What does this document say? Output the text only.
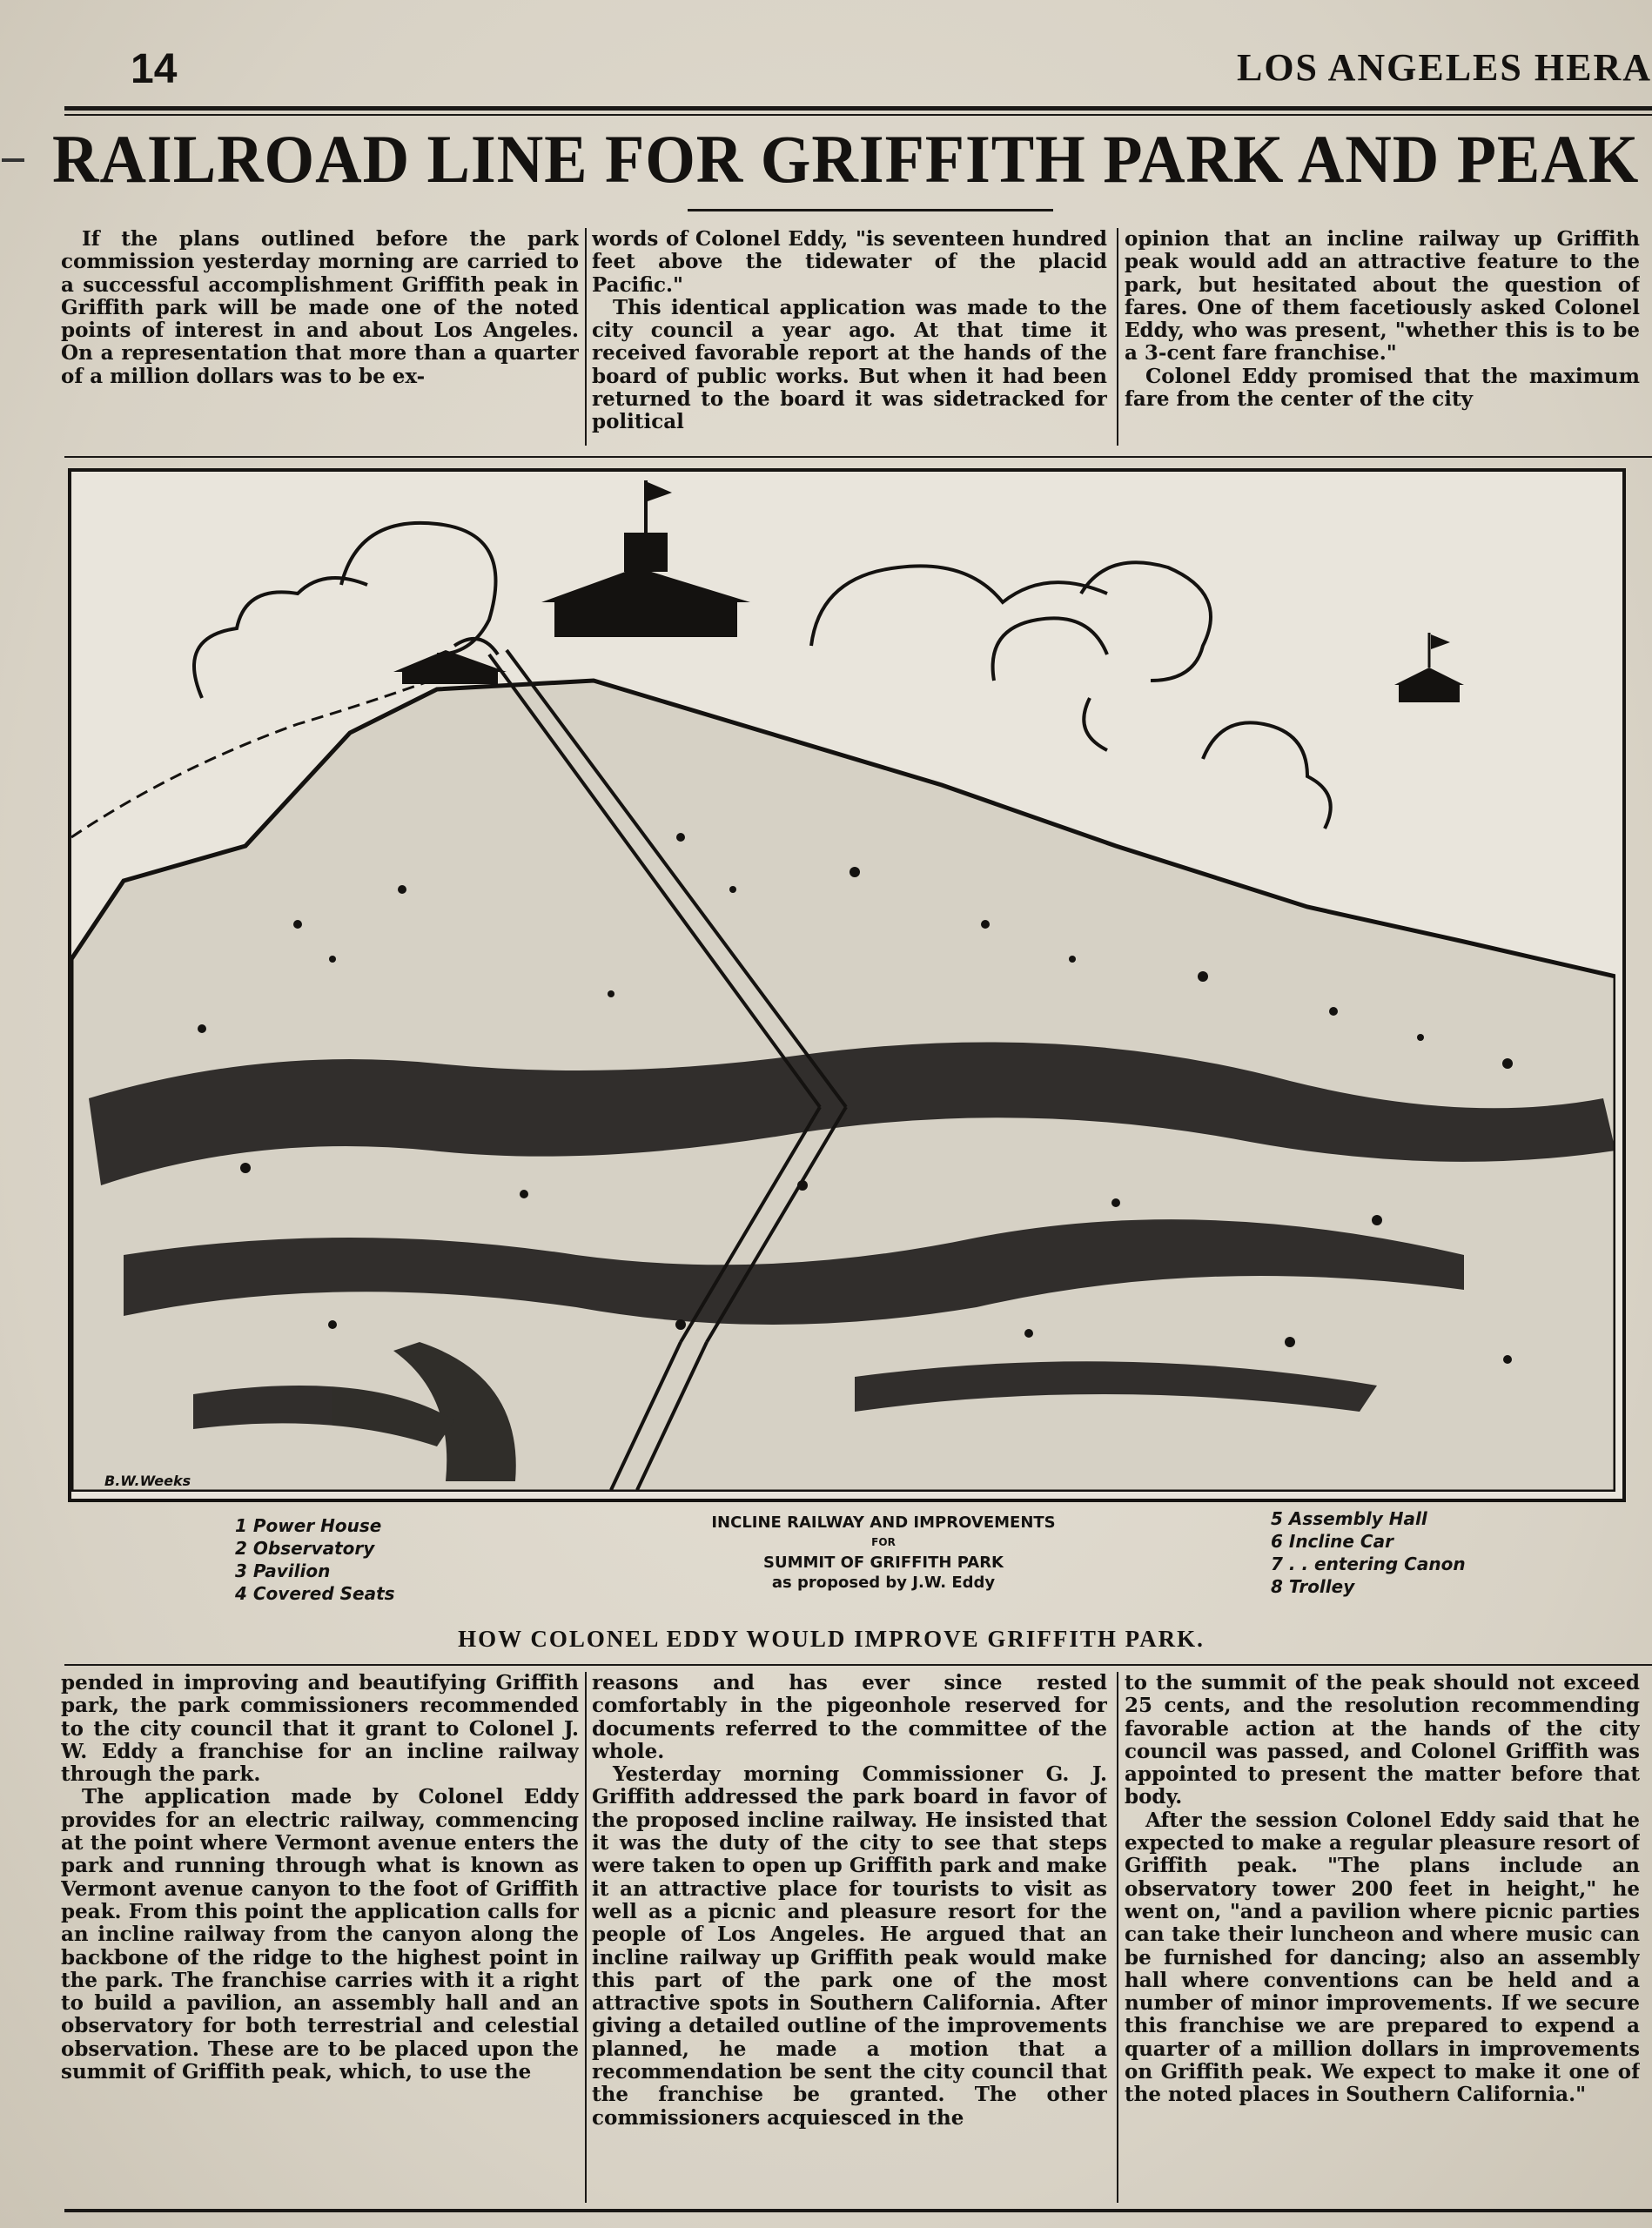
14	LOS ANGELES HERA
RAILROAD LINE FOR GRIFFITH PARK AND PEAK

If the plans outlined before the park commission yesterday morning are carried to a successful accomplishment Griffith peak in Griffith park will be made one of the noted points of interest in and about Los Angeles. On a representation that more than a quarter of a million dollars was to be ex-

words of Colonel Eddy, "is seventeen hundred feet above the tidewater of the placid Pacific."

This identical application was made to the city council a year ago. At that time it received favorable report at the hands of the board of public works. But when it had been returned to the board it was sidetracked for political

opinion that an incline railway up Griffith peak would add an attractive feature to the park, but hesitated about the question of fares. One of them facetiously asked Colonel Eddy, who was present, "whether this is to be a 3-cent fare franchise."

Colonel Eddy promised that the maximum fare from the center of the city

1 Power House
2 Observatory
3 Pavilion
4 Covered Seats
INCLINE RAILWAY AND IMPROVEMENTS
FOR
SUMMIT OF GRIFFITH PARK
as proposed by J.W. Eddy
5 Assembly Hall
6 Incline Car
7 . . entering Canon
8 Trolley
B.W.Weeks
HOW COLONEL EDDY WOULD IMPROVE GRIFFITH PARK.

pended in improving and beautifying Griffith park, the park commissioners recommended to the city council that it grant to Colonel J. W. Eddy a franchise for an incline railway through the park.

The application made by Colonel Eddy provides for an electric railway, commencing at the point where Vermont avenue enters the park and running through what is known as Vermont avenue canyon to the foot of Griffith peak. From this point the application calls for an incline railway from the canyon along the backbone of the ridge to the highest point in the park. The franchise carries with it a right to build a pavilion, an assembly hall and an observatory for both terrestrial and celestial observation. These are to be placed upon the summit of Griffith peak, which, to use the

reasons and has ever since rested comfortably in the pigeonhole reserved for documents referred to the committee of the whole.

Yesterday morning Commissioner G. J. Griffith addressed the park board in favor of the proposed incline railway. He insisted that it was the duty of the city to see that steps were taken to open up Griffith park and make it an attractive place for tourists to visit as well as a picnic and pleasure resort for the people of Los Angeles. He argued that an incline railway up Griffith peak would make this part of the park one of the most attractive spots in Southern California. After giving a detailed outline of the improvements planned, he made a motion that a recommendation be sent the city council that the franchise be granted. The other commissioners acquiesced in the

to the summit of the peak should not exceed 25 cents, and the resolution recommending favorable action at the hands of the city council was passed, and Colonel Griffith was appointed to present the matter before that body.

After the session Colonel Eddy said that he expected to make a regular pleasure resort of Griffith peak. "The plans include an observatory tower 200 feet in height," he went on, "and a pavilion where picnic parties can take their luncheon and where music can be furnished for dancing; also an assembly hall where conventions can be held and a number of minor improvements. If we secure this franchise we are prepared to expend a quarter of a million dollars in improvements on Griffith peak. We expect to make it one of the noted places in Southern California."
